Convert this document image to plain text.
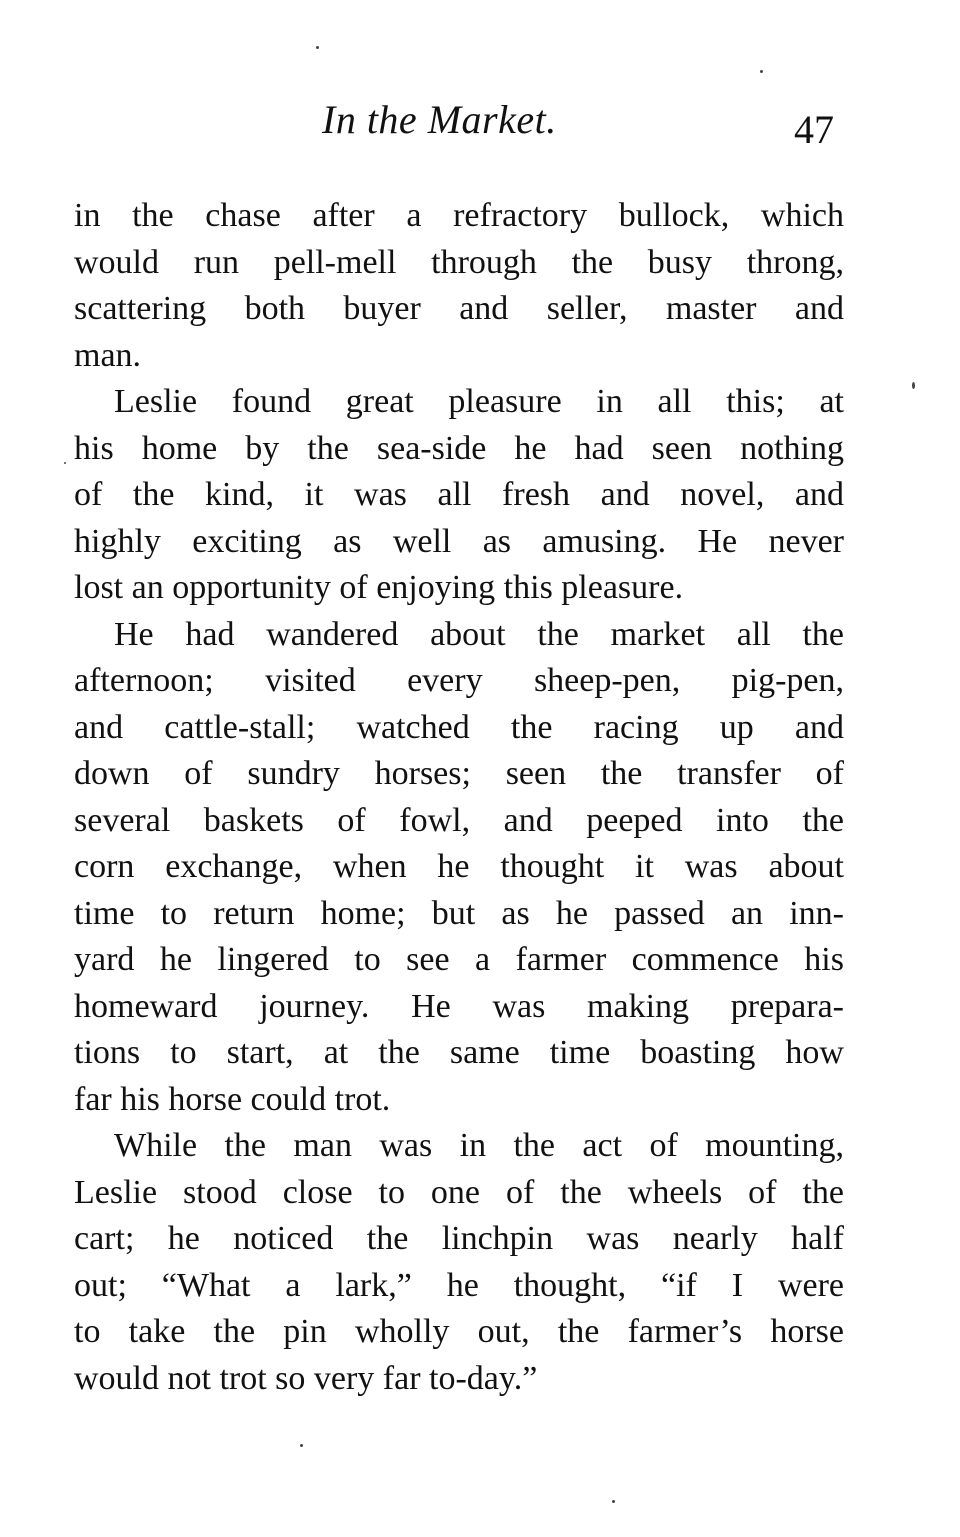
In the Market.	47
in the chase after a refractory bullock, which
would run pell-mell through the busy throng,
scattering both buyer and seller, master and
man.
Leslie found great pleasure in all this; at
his home by the sea-side he had seen nothing
of the kind, it was all fresh and novel, and
highly exciting as well as amusing. He never
lost an opportunity of enjoying this pleasure.
He had wandered about the market all the
afternoon; visited every sheep-pen, pig-pen,
and cattle-stall; watched the racing up and
down of sundry horses; seen the transfer of
several baskets of fowl, and peeped into the
corn exchange, when he thought it was about
time to return home; but as he passed an inn-
yard he lingered to see a farmer commence his
homeward journey. He was making prepara-
tions to start, at the same time boasting how
far his horse could trot.
While the man was in the act of mounting,
Leslie stood close to one of the wheels of the
cart; he noticed the linchpin was nearly half
out; “What a lark,” he thought, “if I were
to take the pin wholly out, the farmer’s horse
would not trot so very far to-day.”
